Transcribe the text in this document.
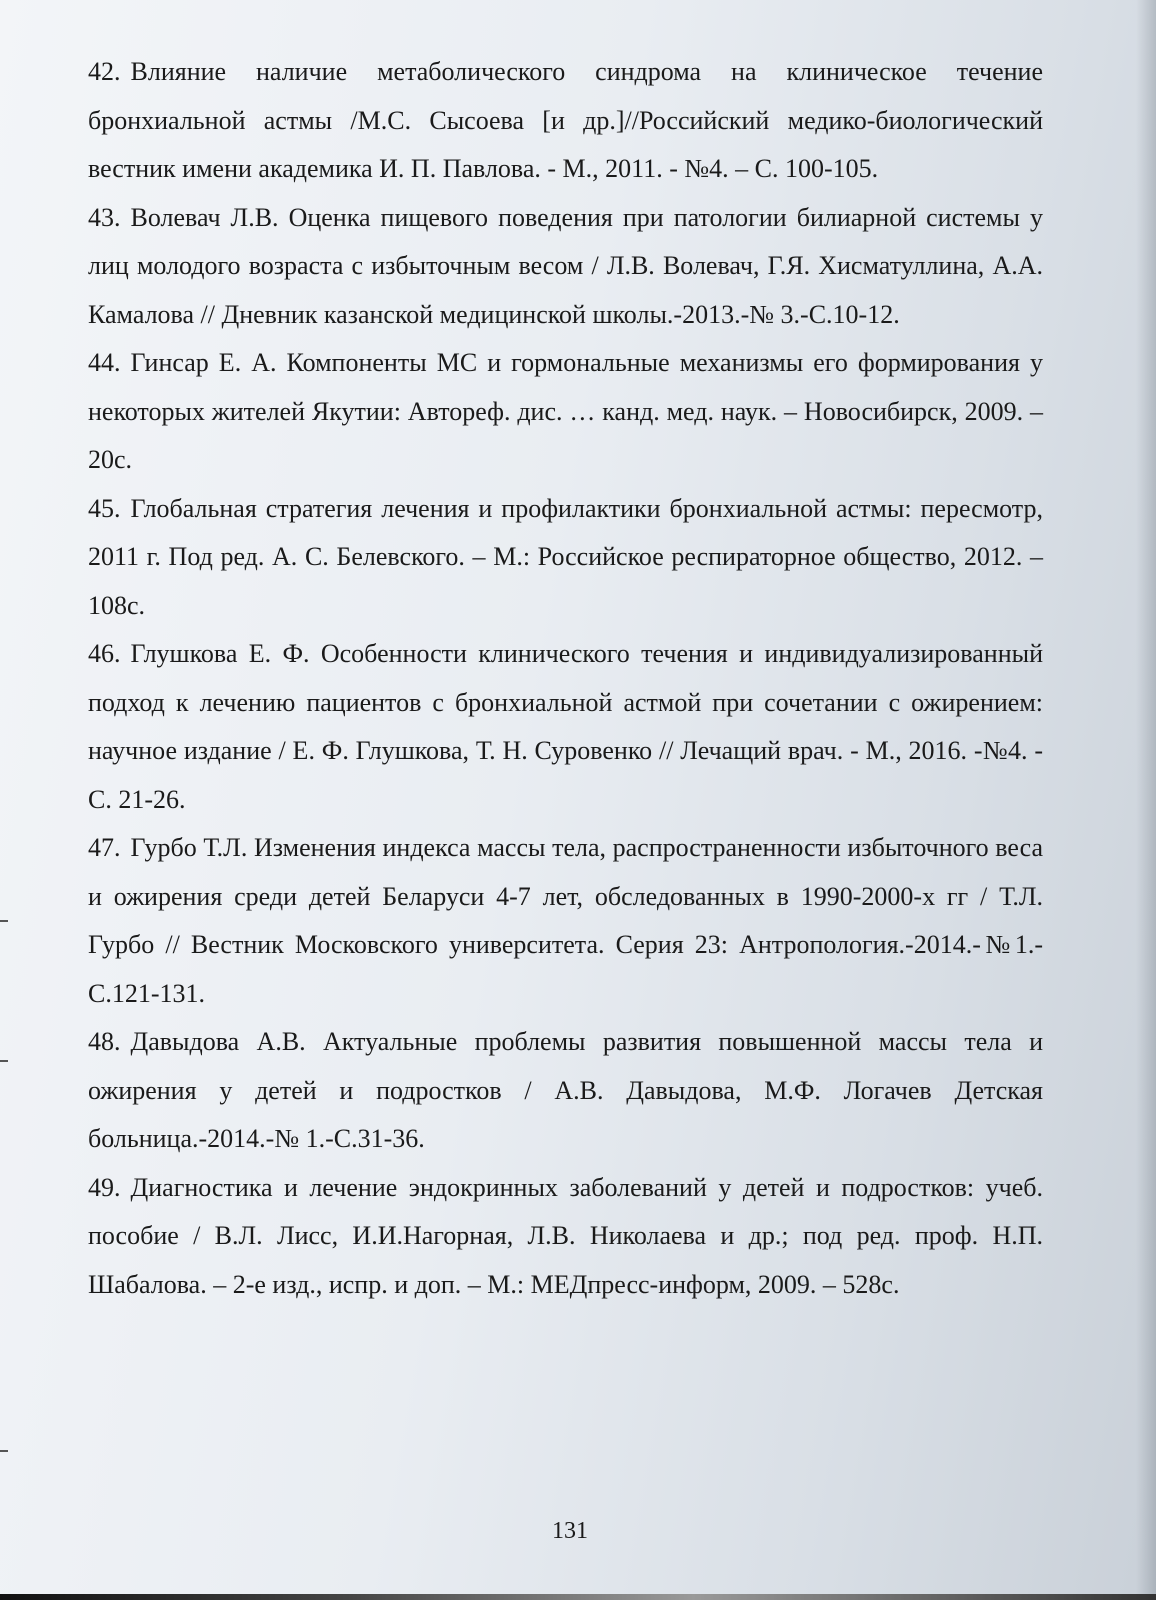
42. Влияние наличие метаболического синдрома на клиническое течение бронхиальной астмы /М.С. Сысоева [и др.]//Российский медико-биологический вестник имени академика И. П. Павлова. - М., 2011. - №4. – С. 100-105.

43. Волевач Л.В. Оценка пищевого поведения при патологии билиарной системы у лиц молодого возраста с избыточным весом / Л.В. Волевач, Г.Я. Хисматуллина, А.А. Камалова // Дневник казанской медицинской школы.-2013.-№ 3.-С.10-12.

44. Гинсар Е. А. Компоненты МС и гормональные механизмы его формирования у некоторых жителей Якутии: Автореф. дис. … канд. мед. наук. – Новосибирск, 2009. – 20с.

45. Глобальная стратегия лечения и профилактики бронхиальной астмы: пересмотр, 2011 г. Под ред. А. С. Белевского. – М.: Российское респираторное общество, 2012. – 108с.

46. Глушкова Е. Ф. Особенности клинического течения и индивидуализированный подход к лечению пациентов с бронхиальной астмой при сочетании с ожирением: научное издание / Е. Ф. Глушкова, Т. Н. Суровенко // Лечащий врач. - М., 2016. -№4. - С. 21-26.

47. Гурбо Т.Л. Изменения индекса массы тела, распространенности избыточного веса и ожирения среди детей Беларуси 4-7 лет, обследованных в 1990-2000-х гг / Т.Л. Гурбо // Вестник Московского университета. Серия 23: Антропология.-2014.-№1.-С.121-131.

48. Давыдова А.В. Актуальные проблемы развития повышенной массы тела и ожирения у детей и подростков / А.В. Давыдова, М.Ф. Логачев Детская больница.-2014.-№ 1.-С.31-36.

49. Диагностика и лечение эндокринных заболеваний у детей и подростков: учеб. пособие / В.Л. Лисс, И.И.Нагорная, Л.В. Николаева и др.; под ред. проф. Н.П. Шабалова. – 2-е изд., испр. и доп. – М.: МЕДпресс-информ, 2009. – 528с.

131
